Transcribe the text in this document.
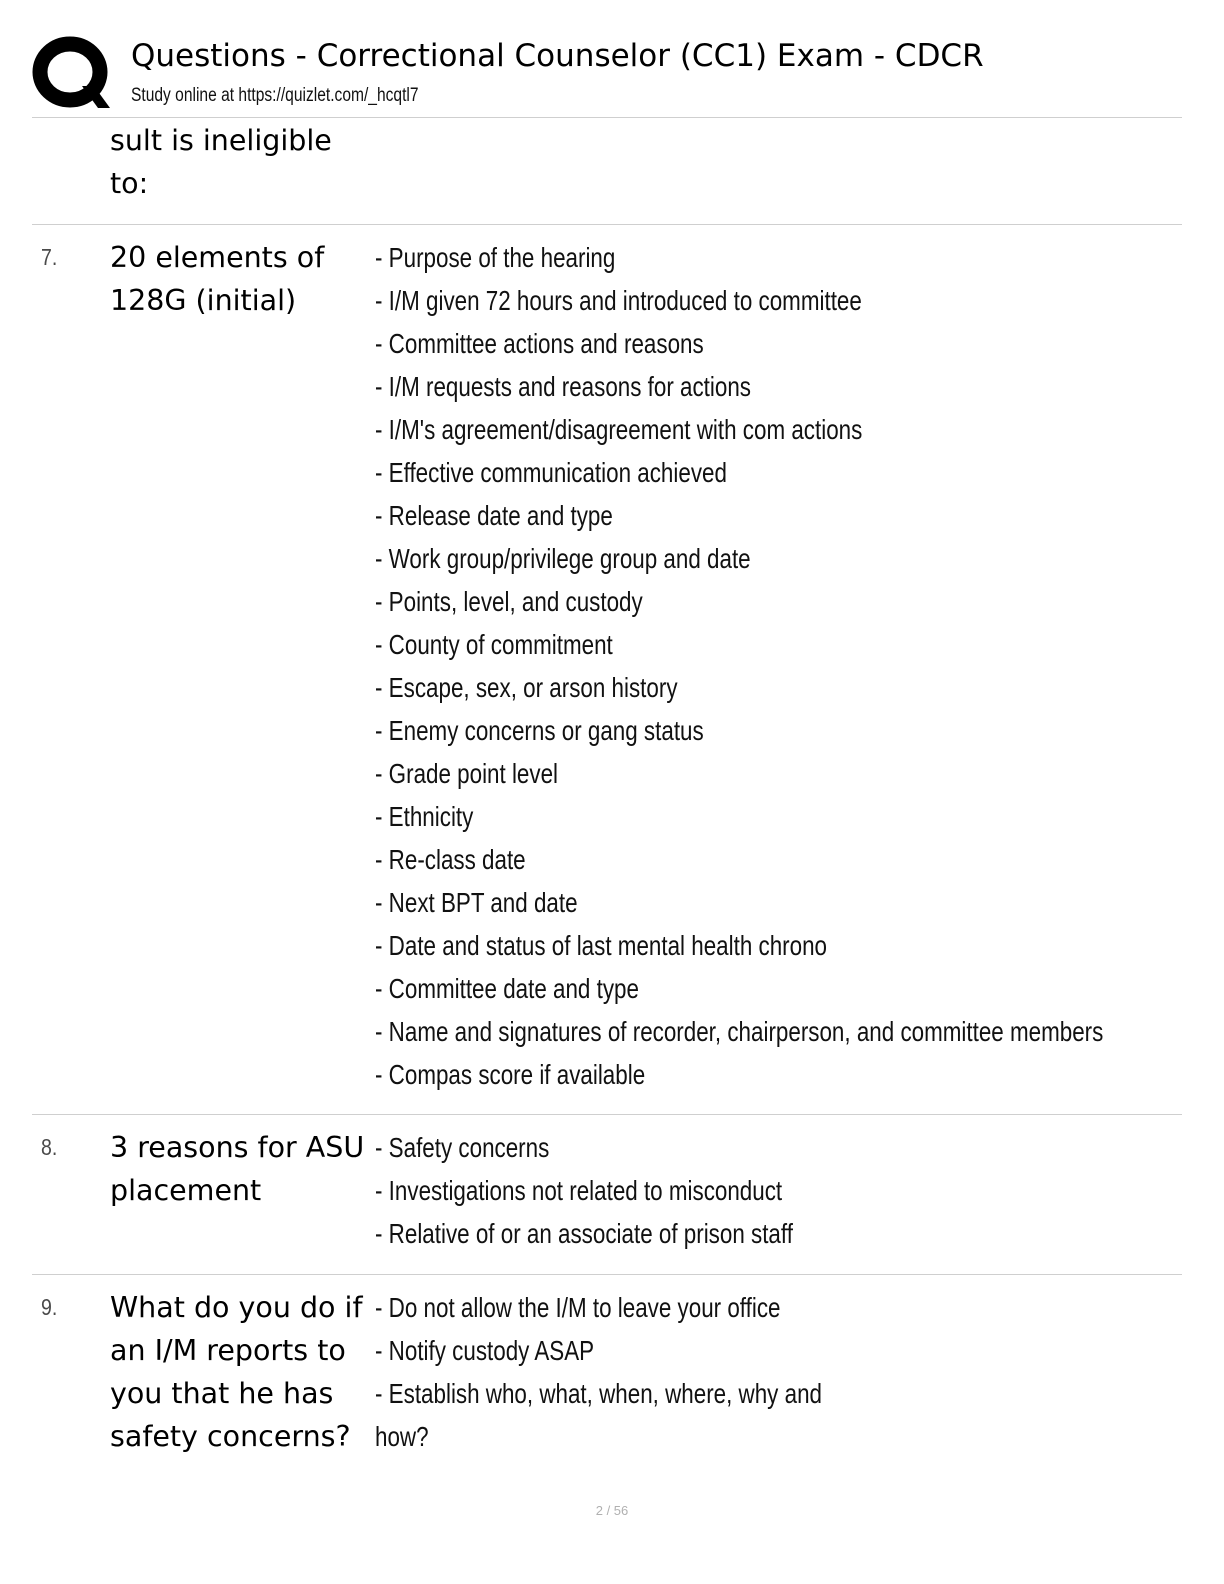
Questions - Correctional Counselor (CC1) Exam - CDCR
Study online at https://quizlet.com/_hcqtl7
sult is ineligible
to:
7. 20 elements of
128G (initial)
- Purpose of the hearing
- I/M given 72 hours and introduced to committee
- Committee actions and reasons
- I/M requests and reasons for actions
- I/M's agreement/disagreement with com actions
- Effective communication achieved
- Release date and type
- Work group/privilege group and date
- Points, level, and custody
- County of commitment
- Escape, sex, or arson history
- Enemy concerns or gang status
- Grade point level
- Ethnicity
- Re-class date
- Next BPT and date
- Date and status of last mental health chrono
- Committee date and type
- Name and signatures of recorder, chairperson, and committee members
- Compas score if available
8. 3 reasons for ASU
placement
- Safety concerns
- Investigations not related to misconduct
- Relative of or an associate of prison staff
9. What do you do if
an I/M reports to
you that he has
safety concerns?
- Do not allow the I/M to leave your office
- Notify custody ASAP
- Establish who, what, when, where, why and
how?
2 / 56
